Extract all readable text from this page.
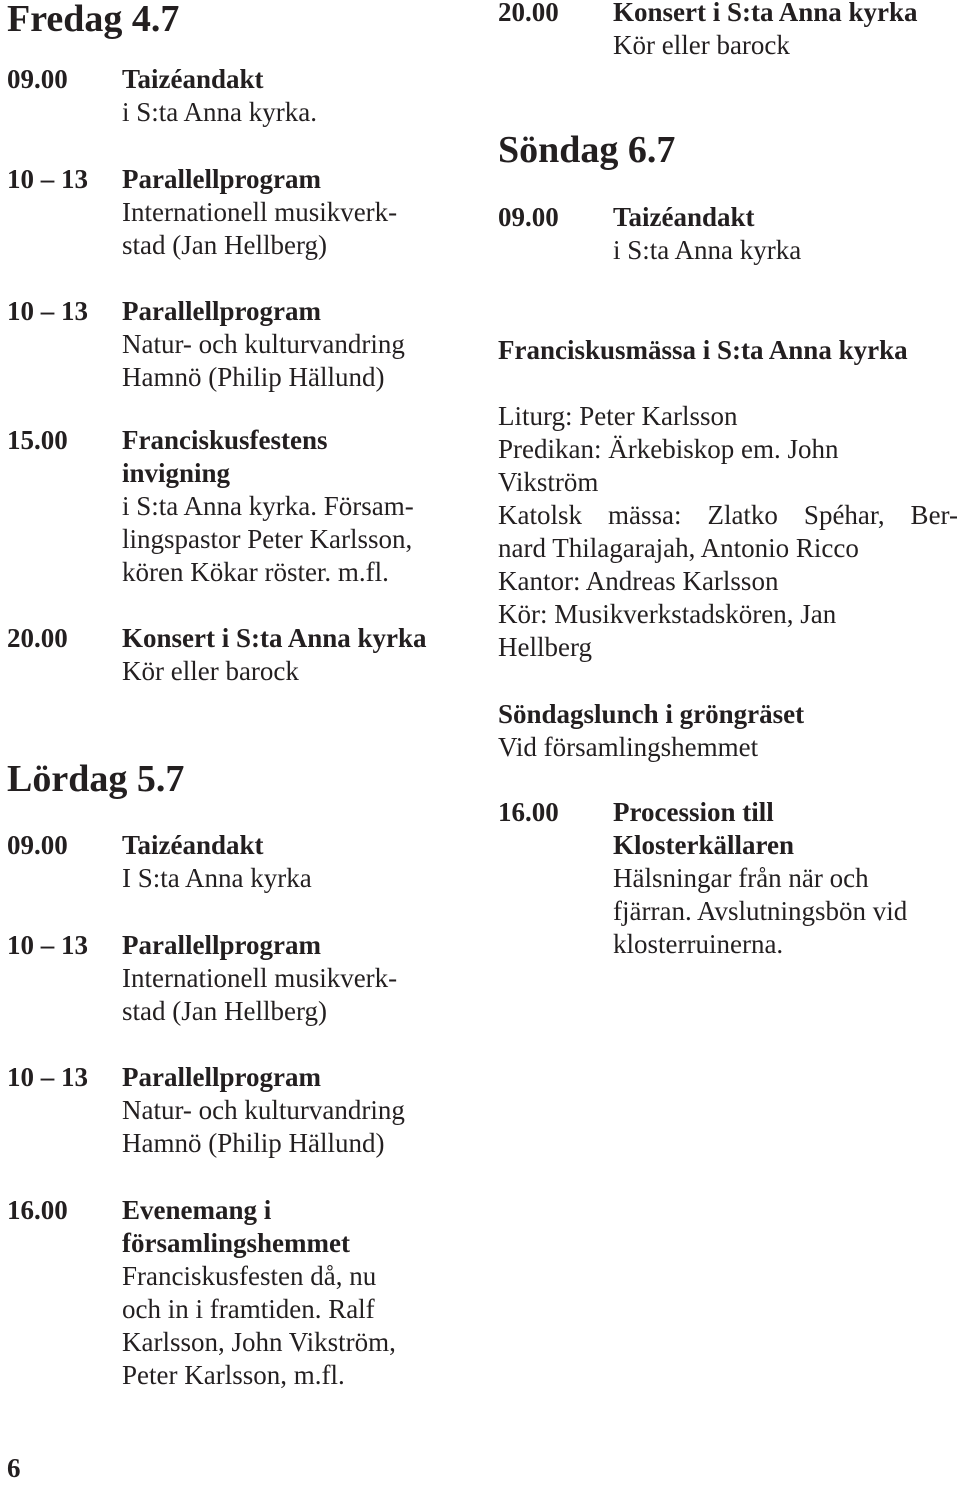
Fredag 4.7
09.00	Taizéandakt
i S:ta Anna kyrka.
10 – 13	Parallellprogram
Internationell musikverk-
stad (Jan Hellberg)
10 – 13	Parallellprogram
Natur- och kulturvandring
Hamnö (Philip Hällund)
15.00	Franciskusfestens
invigning
i S:ta Anna kyrka. Försam-
lingspastor Peter Karlsson,
kören Kökar röster. m.fl.
20.00	Konsert i S:ta Anna kyrka
Kör eller barock
Lördag 5.7
09.00	Taizéandakt
I S:ta Anna kyrka
10 – 13	Parallellprogram
Internationell musikverk-
stad (Jan Hellberg)
10 – 13	Parallellprogram
Natur- och kulturvandring
Hamnö (Philip Hällund)
16.00	Evenemang i
församlingshemmet
Franciskusfesten då, nu
och in i framtiden. Ralf
Karlsson, John Vikström,
Peter Karlsson, m.fl.
6
20.00	Konsert i S:ta Anna kyrka
Kör eller barock
Söndag 6.7
09.00	Taizéandakt
i S:ta Anna kyrka
Franciskusmässa i S:ta Anna kyrka
Liturg: Peter Karlsson
Predikan: Ärkebiskop em. John
Vikström
Katolsk mässa: Zlatko Spéhar, Ber-
nard Thilagarajah, Antonio Ricco
Kantor: Andreas Karlsson
Kör: Musikverkstadskören, Jan
Hellberg
Söndagslunch i gröngräset
Vid församlingshemmet
16.00	Procession till
Klosterkällaren
Hälsningar från när och
fjärran. Avslutningsbön vid
klosterruinerna.
